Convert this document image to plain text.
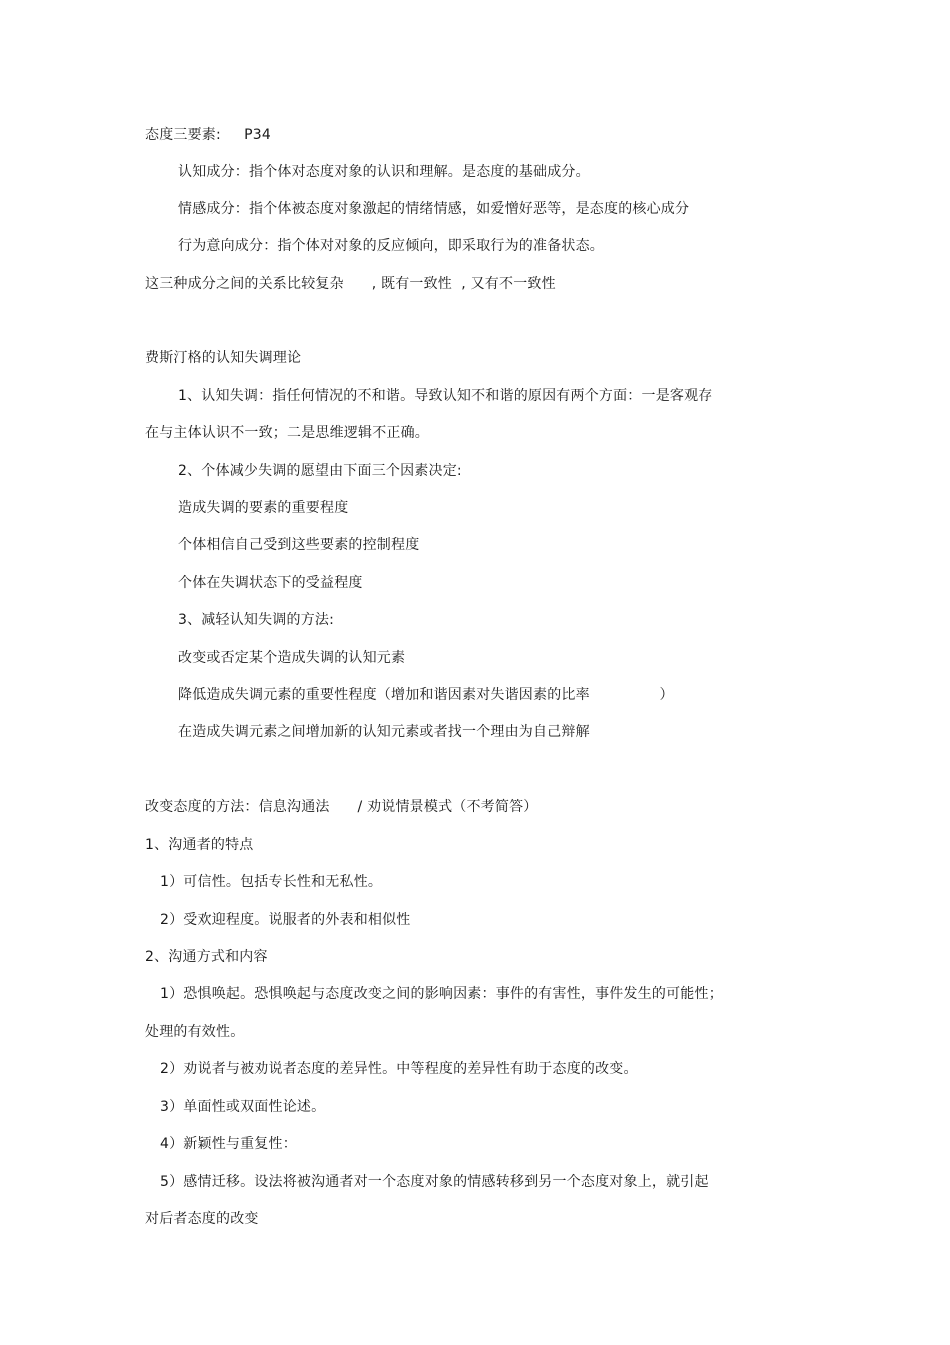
态度三要素:     P34
认知成分：指个体对态度对象的认识和理解。是态度的基础成分。
情感成分：指个体被态度对象激起的情绪情感，如爱憎好恶等，是态度的核心成分
行为意向成分：指个体对对象的反应倾向，即采取行为的准备状态。
这三种成分之间的关系比较复杂      , 既有一致性  , 又有不一致性
费斯汀格的认知失调理论
1、认知失调：指任何情况的不和谐。导致认知不和谐的原因有两个方面：一是客观存
在与主体认识不一致；二是思维逻辑不正确。
2、个体减少失调的愿望由下面三个因素决定:
造成失调的要素的重要程度
个体相信自己受到这些要素的控制程度
个体在失调状态下的受益程度
3、减轻认知失调的方法:
改变或否定某个造成失调的认知元素
降低造成失调元素的重要性程度（增加和谐因素对失谐因素的比率               ）
在造成失调元素之间增加新的认知元素或者找一个理由为自己辩解
改变态度的方法：信息沟通法      / 劝说情景模式（不考简答）
1、沟通者的特点
1）可信性。包括专长性和无私性。
2）受欢迎程度。说服者的外表和相似性
2、沟通方式和内容
1）恐惧唤起。恐惧唤起与态度改变之间的影响因素：事件的有害性，事件发生的可能性；
处理的有效性。
2）劝说者与被劝说者态度的差异性。中等程度的差异性有助于态度的改变。
3）单面性或双面性论述。
4）新颖性与重复性：
5）感情迁移。设法将被沟通者对一个态度对象的情感转移到另一个态度对象上，就引起
对后者态度的改变
